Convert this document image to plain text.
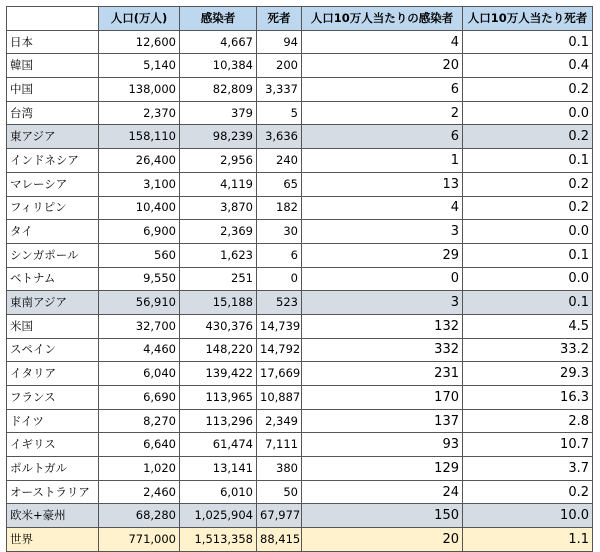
	人口(万人)	感染者	死者	人口10万人当たりの感染者	人口10万人当たり死者
日本	12,600	4,667	94	4	0.1
韓国	5,140	10,384	200	20	0.4
中国	138,000	82,809	3,337	6	0.2
台湾	2,370	379	5	2	0.0
東アジア	158,110	98,239	3,636	6	0.2
インドネシア	26,400	2,956	240	1	0.1
マレーシア	3,100	4,119	65	13	0.2
フィリピン	10,400	3,870	182	4	0.2
タイ	6,900	2,369	30	3	0.0
シンガポール	560	1,623	6	29	0.1
ベトナム	9,550	251	0	0	0.0
東南アジア	56,910	15,188	523	3	0.1
米国	32,700	430,376	14,739	132	4.5
スペイン	4,460	148,220	14,792	332	33.2
イタリア	6,040	139,422	17,669	231	29.3
フランス	6,690	113,965	10,887	170	16.3
ドイツ	8,270	113,296	2,349	137	2.8
イギリス	6,640	61,474	7,111	93	10.7
ポルトガル	1,020	13,141	380	129	3.7
オーストラリア	2,460	6,010	50	24	0.2
欧米+豪州	68,280	1,025,904	67,977	150	10.0
世界	771,000	1,513,358	88,415	20	1.1
